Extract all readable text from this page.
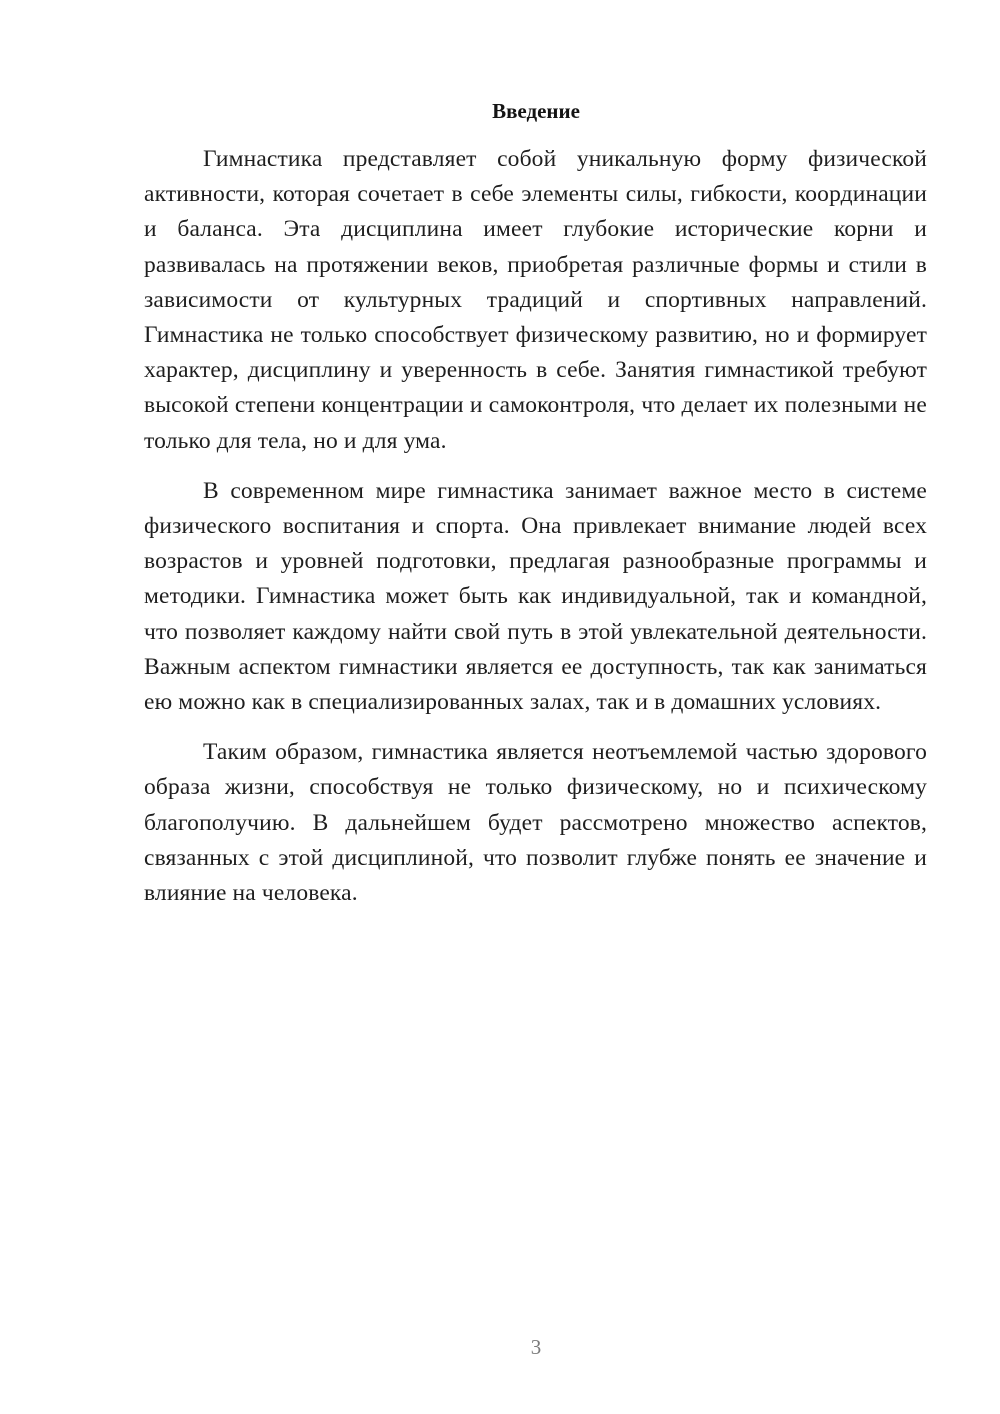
Введение

Гимнастика представляет собой уникальную форму физической активности, которая сочетает в себе элементы силы, гибкости, координации и баланса. Эта дисциплина имеет глубокие исторические корни и развивалась на протяжении веков, приобретая различные формы и стили в зависимости от культурных традиций и спортивных направлений. Гимнастика не только способствует физическому развитию, но и формирует характер, дисциплину и уверенность в себе. Занятия гимнастикой требуют высокой степени концентрации и самоконтроля, что делает их полезными не только для тела, но и для ума.

В современном мире гимнастика занимает важное место в системе физического воспитания и спорта. Она привлекает внимание людей всех возрастов и уровней подготовки, предлагая разнообразные программы и методики. Гимнастика может быть как индивидуальной, так и командной, что позволяет каждому найти свой путь в этой увлекательной деятельности. Важным аспектом гимнастики является ее доступность, так как заниматься ею можно как в специализированных залах, так и в домашних условиях.

Таким образом, гимнастика является неотъемлемой частью здорового образа жизни, способствуя не только физическому, но и психическому благополучию. В дальнейшем будет рассмотрено множество аспектов, связанных с этой дисциплиной, что позволит глубже понять ее значение и влияние на человека.

3
